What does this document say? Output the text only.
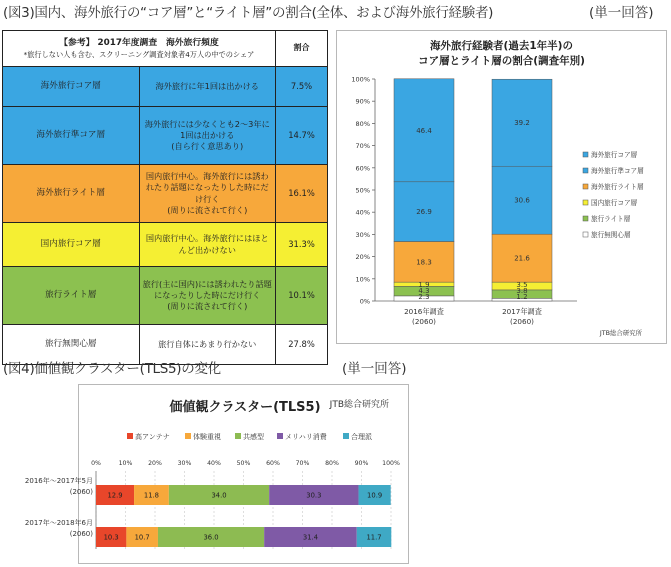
(図3)国内、海外旅行の“コア層”と“ライト層”の割合(全体、および海外旅行経験者)	(単一回答)
【参考】 2017年度調査　海外旅行頻度
*旅行しない人も含む、スクリーニング調査対象者4万人の中でのシェア		割合
海外旅行コア層	海外旅行に年1回は出かける	7.5%
海外旅行準コア層	海外旅行には少なくとも2～3年に1回は出かける
(自ら行く意思あり)	14.7%
海外旅行ライト層	国内旅行中心。海外旅行には誘われたり話題になったりした時にだけ行く
(周りに流されて行く)	16.1%
国内旅行コア層	国内旅行中心。海外旅行にはほとんど出かけない	31.3%
旅行ライト層	旅行(主に国内)には誘われたり話題になったりした時にだけ行く
(周りに流されて行く)	10.1%
旅行無関心層	旅行自体にあまり行かない	27.8%
海外旅行経験者(過去1年半)の
コア層とライト層の割合(調査年別)
0%
10%
20%
30%
40%
50%
60%
70%
80%
90%
100%
2.3
4.3
1.9
18.3
26.9
46.4
2016年調査
(2060)
1.2
3.8
3.5
21.6
30.6
39.2
2017年調査
(2060)
海外旅行コア層
海外旅行準コア層
海外旅行ライト層
国内旅行コア層
旅行ライト層
旅行無関心層
JTB総合研究所
(図4)価値観クラスター(TLS5)の変化	(単一回答)
価値観クラスター(TLS5) JTB総合研究所
高アンテナ	体験重視	共感型	メリハリ消費	合理派
0%	10%	20%	30%	40%	50%	60%	70%	80%	90% 100%
12.9	11.8	34.0	30.3	10.9
10.3 10.7	36.0	31.4	11.7
2016年～2017年5月
(2060)
2017年～2018年6月
(2060)
